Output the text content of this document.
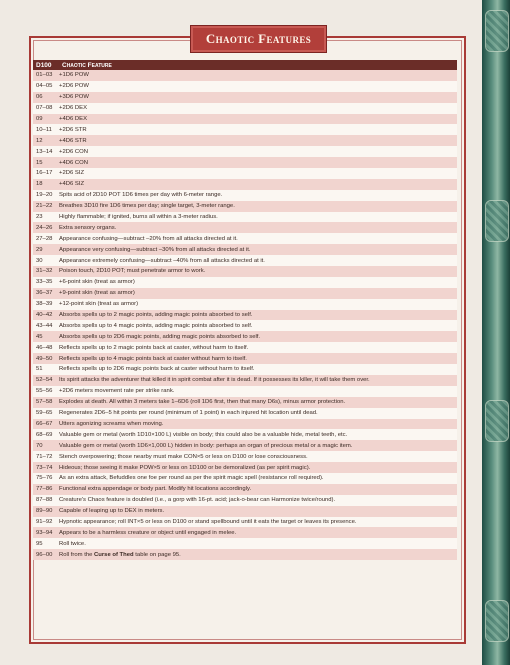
Chaotic Features
D100	Chaotic Feature
01–03	+1D6 POW
04–05	+2D6 POW
06	+3D6 POW
07–08	+2D6 DEX
09	+4D6 DEX
10–11	+2D6 STR
12	+4D6 STR
13–14	+2D6 CON
15	+4D6 CON
16–17	+2D6 SIZ
18	+4D6 SIZ
19–20	Spits acid of 2D10 POT 1D6 times per day with 6-meter range.
21–22	Breathes 3D10 fire 1D6 times per day; single target, 3-meter range.
23	Highly flammable; if ignited, burns all within a 3-meter radius.
24–26	Extra sensory organs.
27–28	Appearance confusing—subtract –20% from all attacks directed at it.
29	Appearance very confusing—subtract –30% from all attacks directed at it.
30	Appearance extremely confusing—subtract –40% from all attacks directed at it.
31–32	Poison touch, 2D10 POT; must penetrate armor to work.
33–35	+6-point skin (treat as armor)
36–37	+9-point skin (treat as armor)
38–39	+12-point skin (treat as armor)
40–42	Absorbs spells up to 2 magic points, adding magic points absorbed to self.
43–44	Absorbs spells up to 4 magic points, adding magic points absorbed to self.
45	Absorbs spells up to 2D6 magic points, adding magic points absorbed to self.
46–48	Reflects spells up to 2 magic points back at caster, without harm to itself.
49–50	Reflects spells up to 4 magic points back at caster without harm to itself.
51	Reflects spells up to 2D6 magic points back at caster without harm to itself.
52–54	Its spirit attacks the adventurer that killed it in spirit combat after it is dead. If it possesses its killer, it will take them over.
55–56	+2D6 meters movement rate per strike rank.
57–58	Explodes at death. All within 3 meters take 1–6D6 (roll 1D6 first, then that many D6s), minus armor protection.
59–65	Regenerates 2D6–5 hit points per round (minimum of 1 point) in each injured hit location until dead.
66–67	Utters agonizing screams when moving.
68–69	Valuable gem or metal (worth 1D10×100 L) visible on body; this could also be a valuable hide, metal teeth, etc.
70	Valuable gem or metal (worth 1D6×1,000 L) hidden in body: perhaps an organ of precious metal or a magic item.
71–72	Stench overpowering; those nearby must make CON×5 or less on D100 or lose consciousness.
73–74	Hideous; those seeing it make POW×5 or less on 1D100 or be demoralized (as per spirit magic).
75–76	As an extra attack, Befuddles one foe per round as per the spirit magic spell (resistance roll required).
77–86	Functional extra appendage or body part. Modify hit locations accordingly.
87–88	Creature's Chaos feature is doubled (i.e., a gorp with 16-pt. acid; jack-o-bear can Harmonize twice/round).
89–90	Capable of leaping up to DEX in meters.
91–92	Hypnotic appearance; roll INT×5 or less on D100 or stand spellbound until it eats the target or leaves its presence.
93–94	Appears to be a harmless creature or object until engaged in melee.
95	Roll twice.
96–00	Roll from the Curse of Thed table on page 95.
